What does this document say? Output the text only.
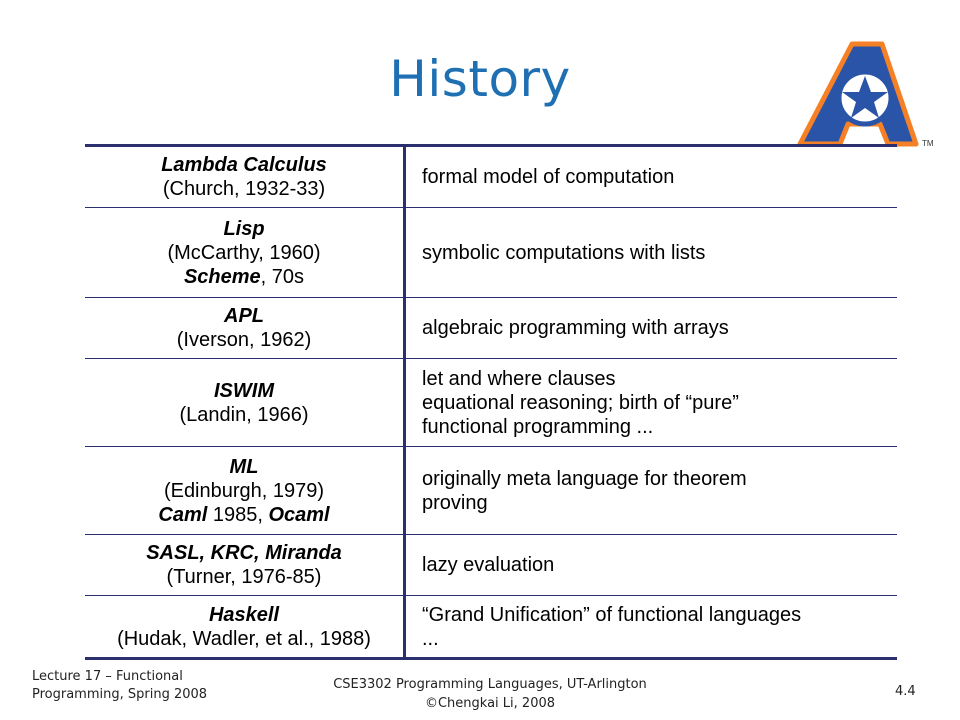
History
TM
Lambda Calculus
(Church, 1932-33)	formal model of computation

Lisp
(McCarthy, 1960)
Scheme, 70s	symbolic computations with lists

APL
(Iverson, 1962)	algebraic programming with arrays

ISWIM
(Landin, 1966)	let and where clauses
equational reasoning; birth of “pure”
functional programming ...

ML
(Edinburgh, 1979)
Caml 1985, Ocaml	originally meta language for theorem
proving

SASL, KRC, Miranda
(Turner, 1976-85)	lazy evaluation

Haskell
(Hudak, Wadler, et al., 1988)	“Grand Unification” of functional languages
...
Lecture 17 – Functional
Programming, Spring 2008
CSE3302 Programming Languages, UT-Arlington
©Chengkai Li, 2008
4.4
